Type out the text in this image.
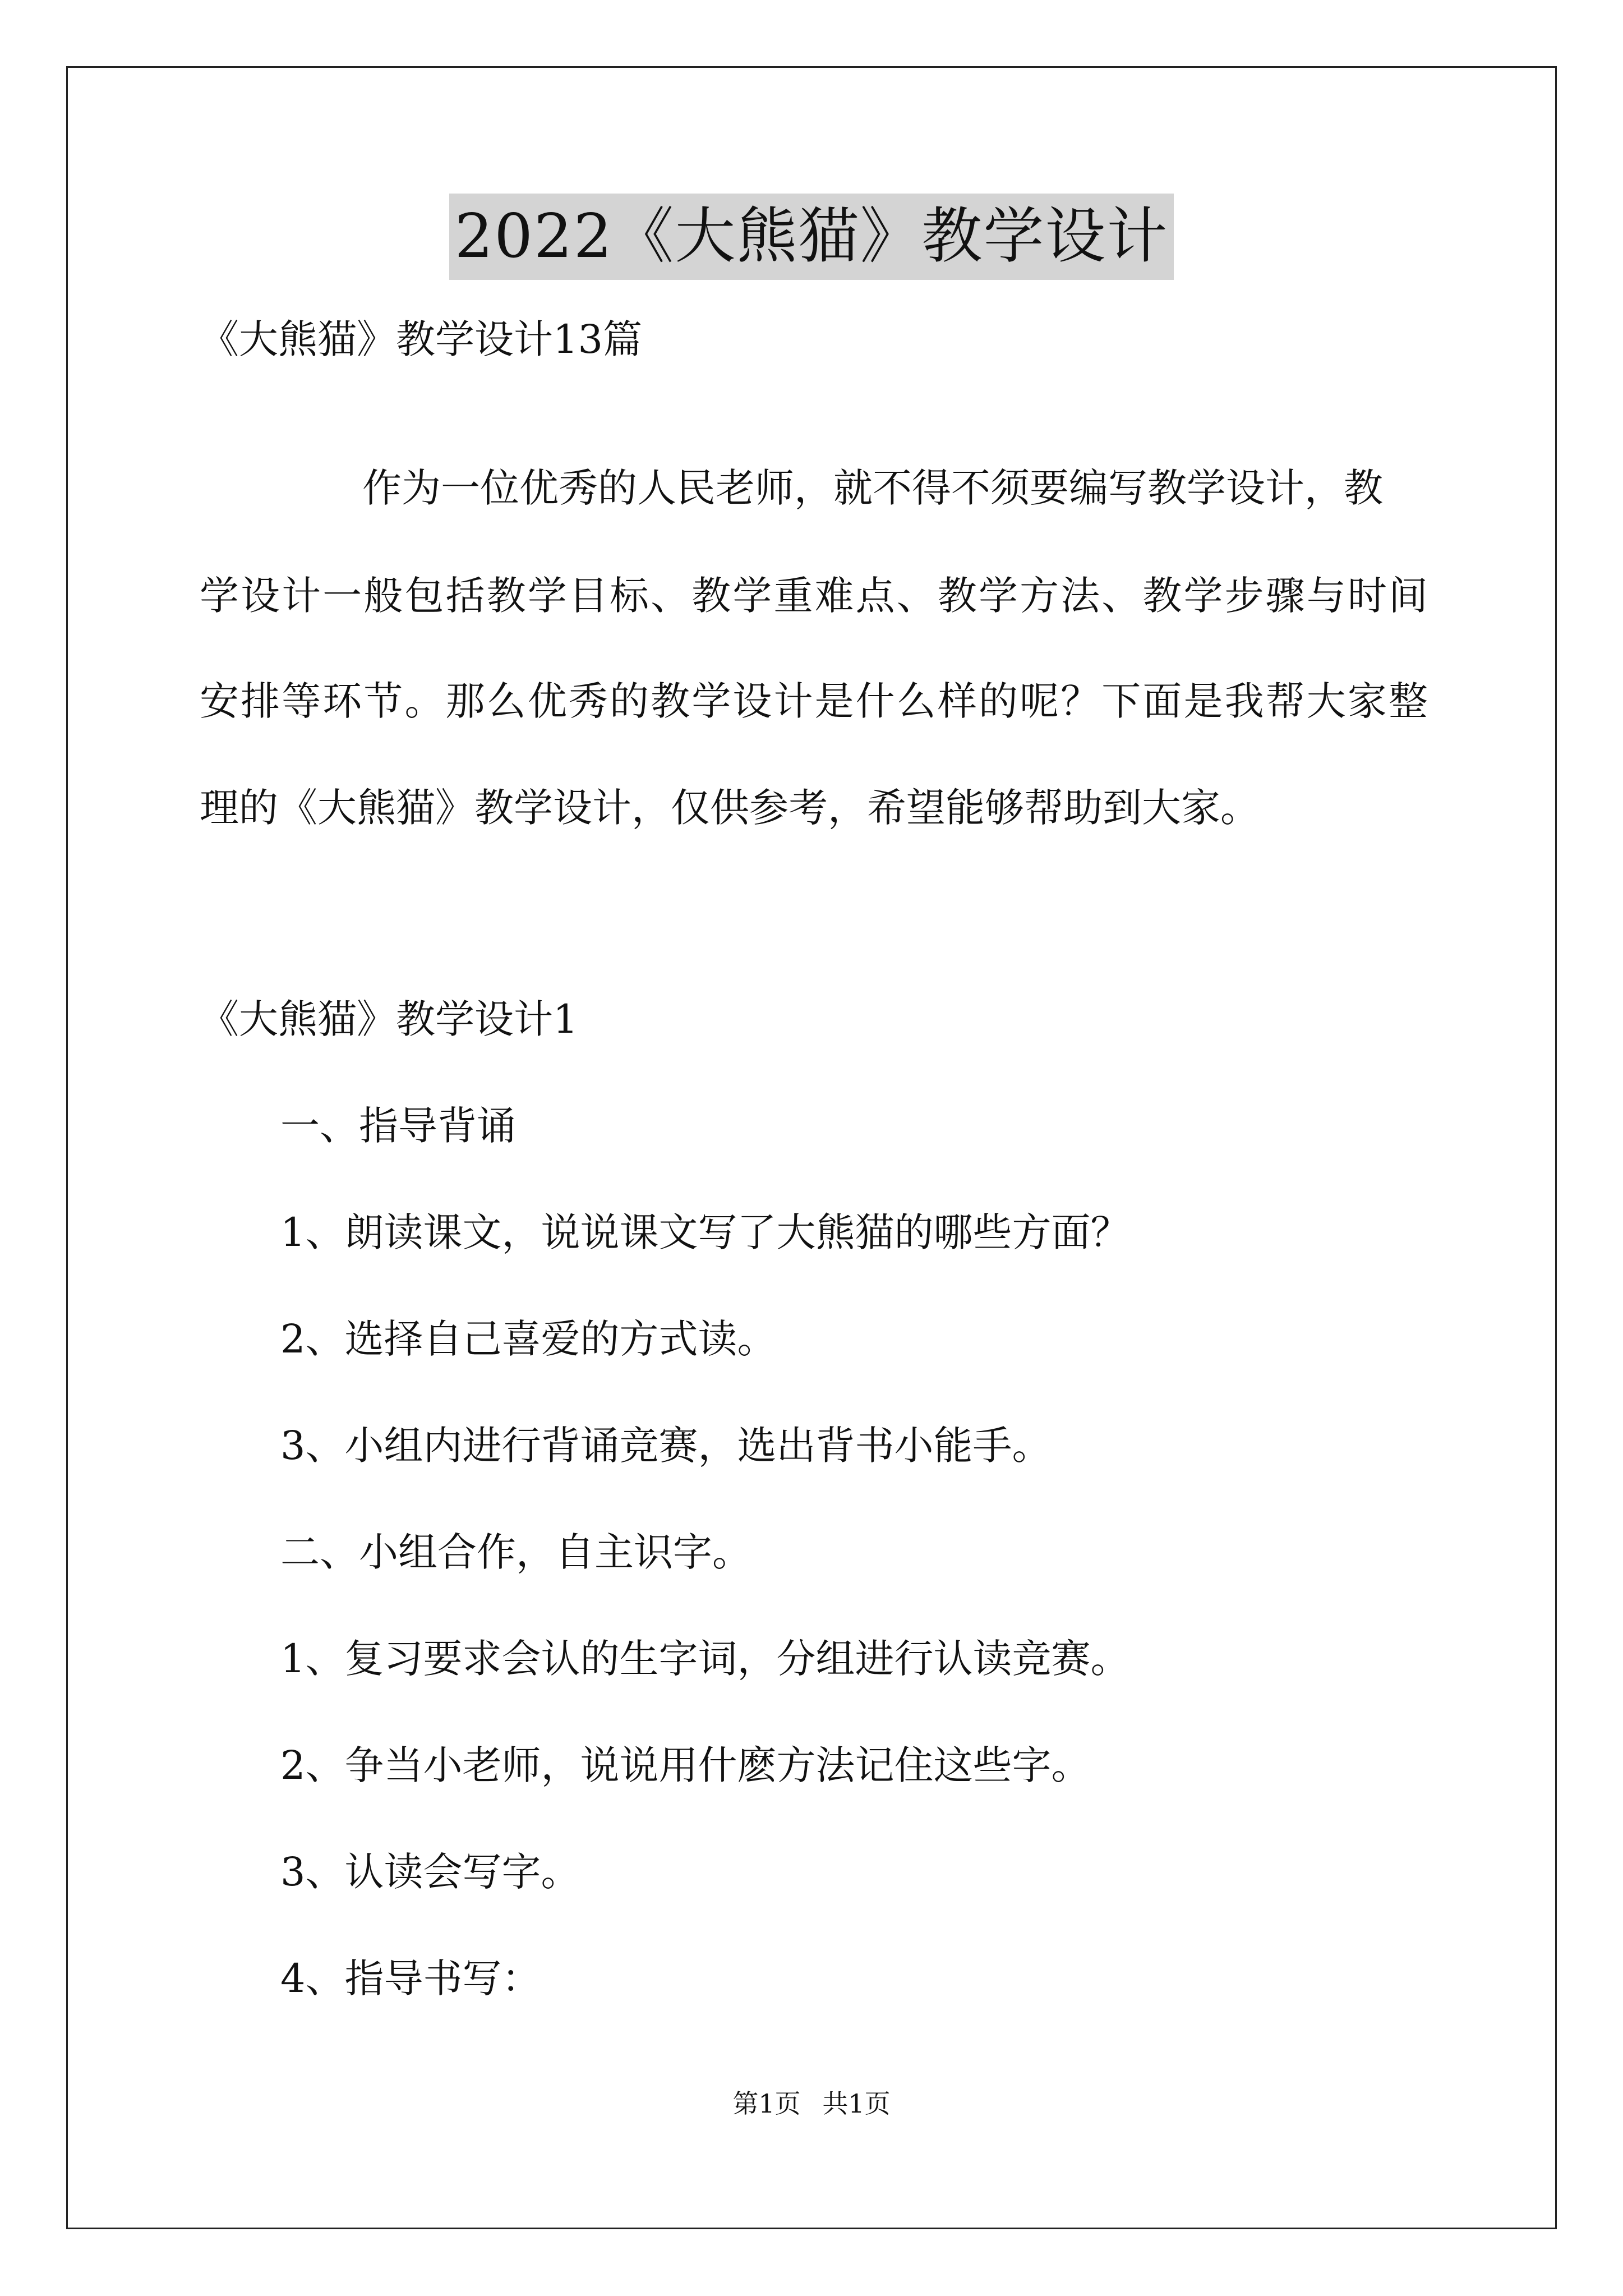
2022《大熊猫》教学设计
《大熊猫》教学设计13篇
作为一位优秀的人民老师，就不得不须要编写教学设计，教
学设计一般包括教学目标、教学重难点、教学方法、教学步骤与时间
安排等环节。那么优秀的教学设计是什么样的呢？下面是我帮大家整
理的《大熊猫》教学设计，仅供参考，希望能够帮助到大家。
《大熊猫》教学设计1
一、指导背诵
1、朗读课文，说说课文写了大熊猫的哪些方面？
2、选择自己喜爱的方式读。
3、小组内进行背诵竞赛，选出背书小能手。
二、小组合作，自主识字。
1、复习要求会认的生字词，分组进行认读竞赛。
2、争当小老师，说说用什麽方法记住这些字。
3、认读会写字。
4、指导书写：
第1页 共1页
